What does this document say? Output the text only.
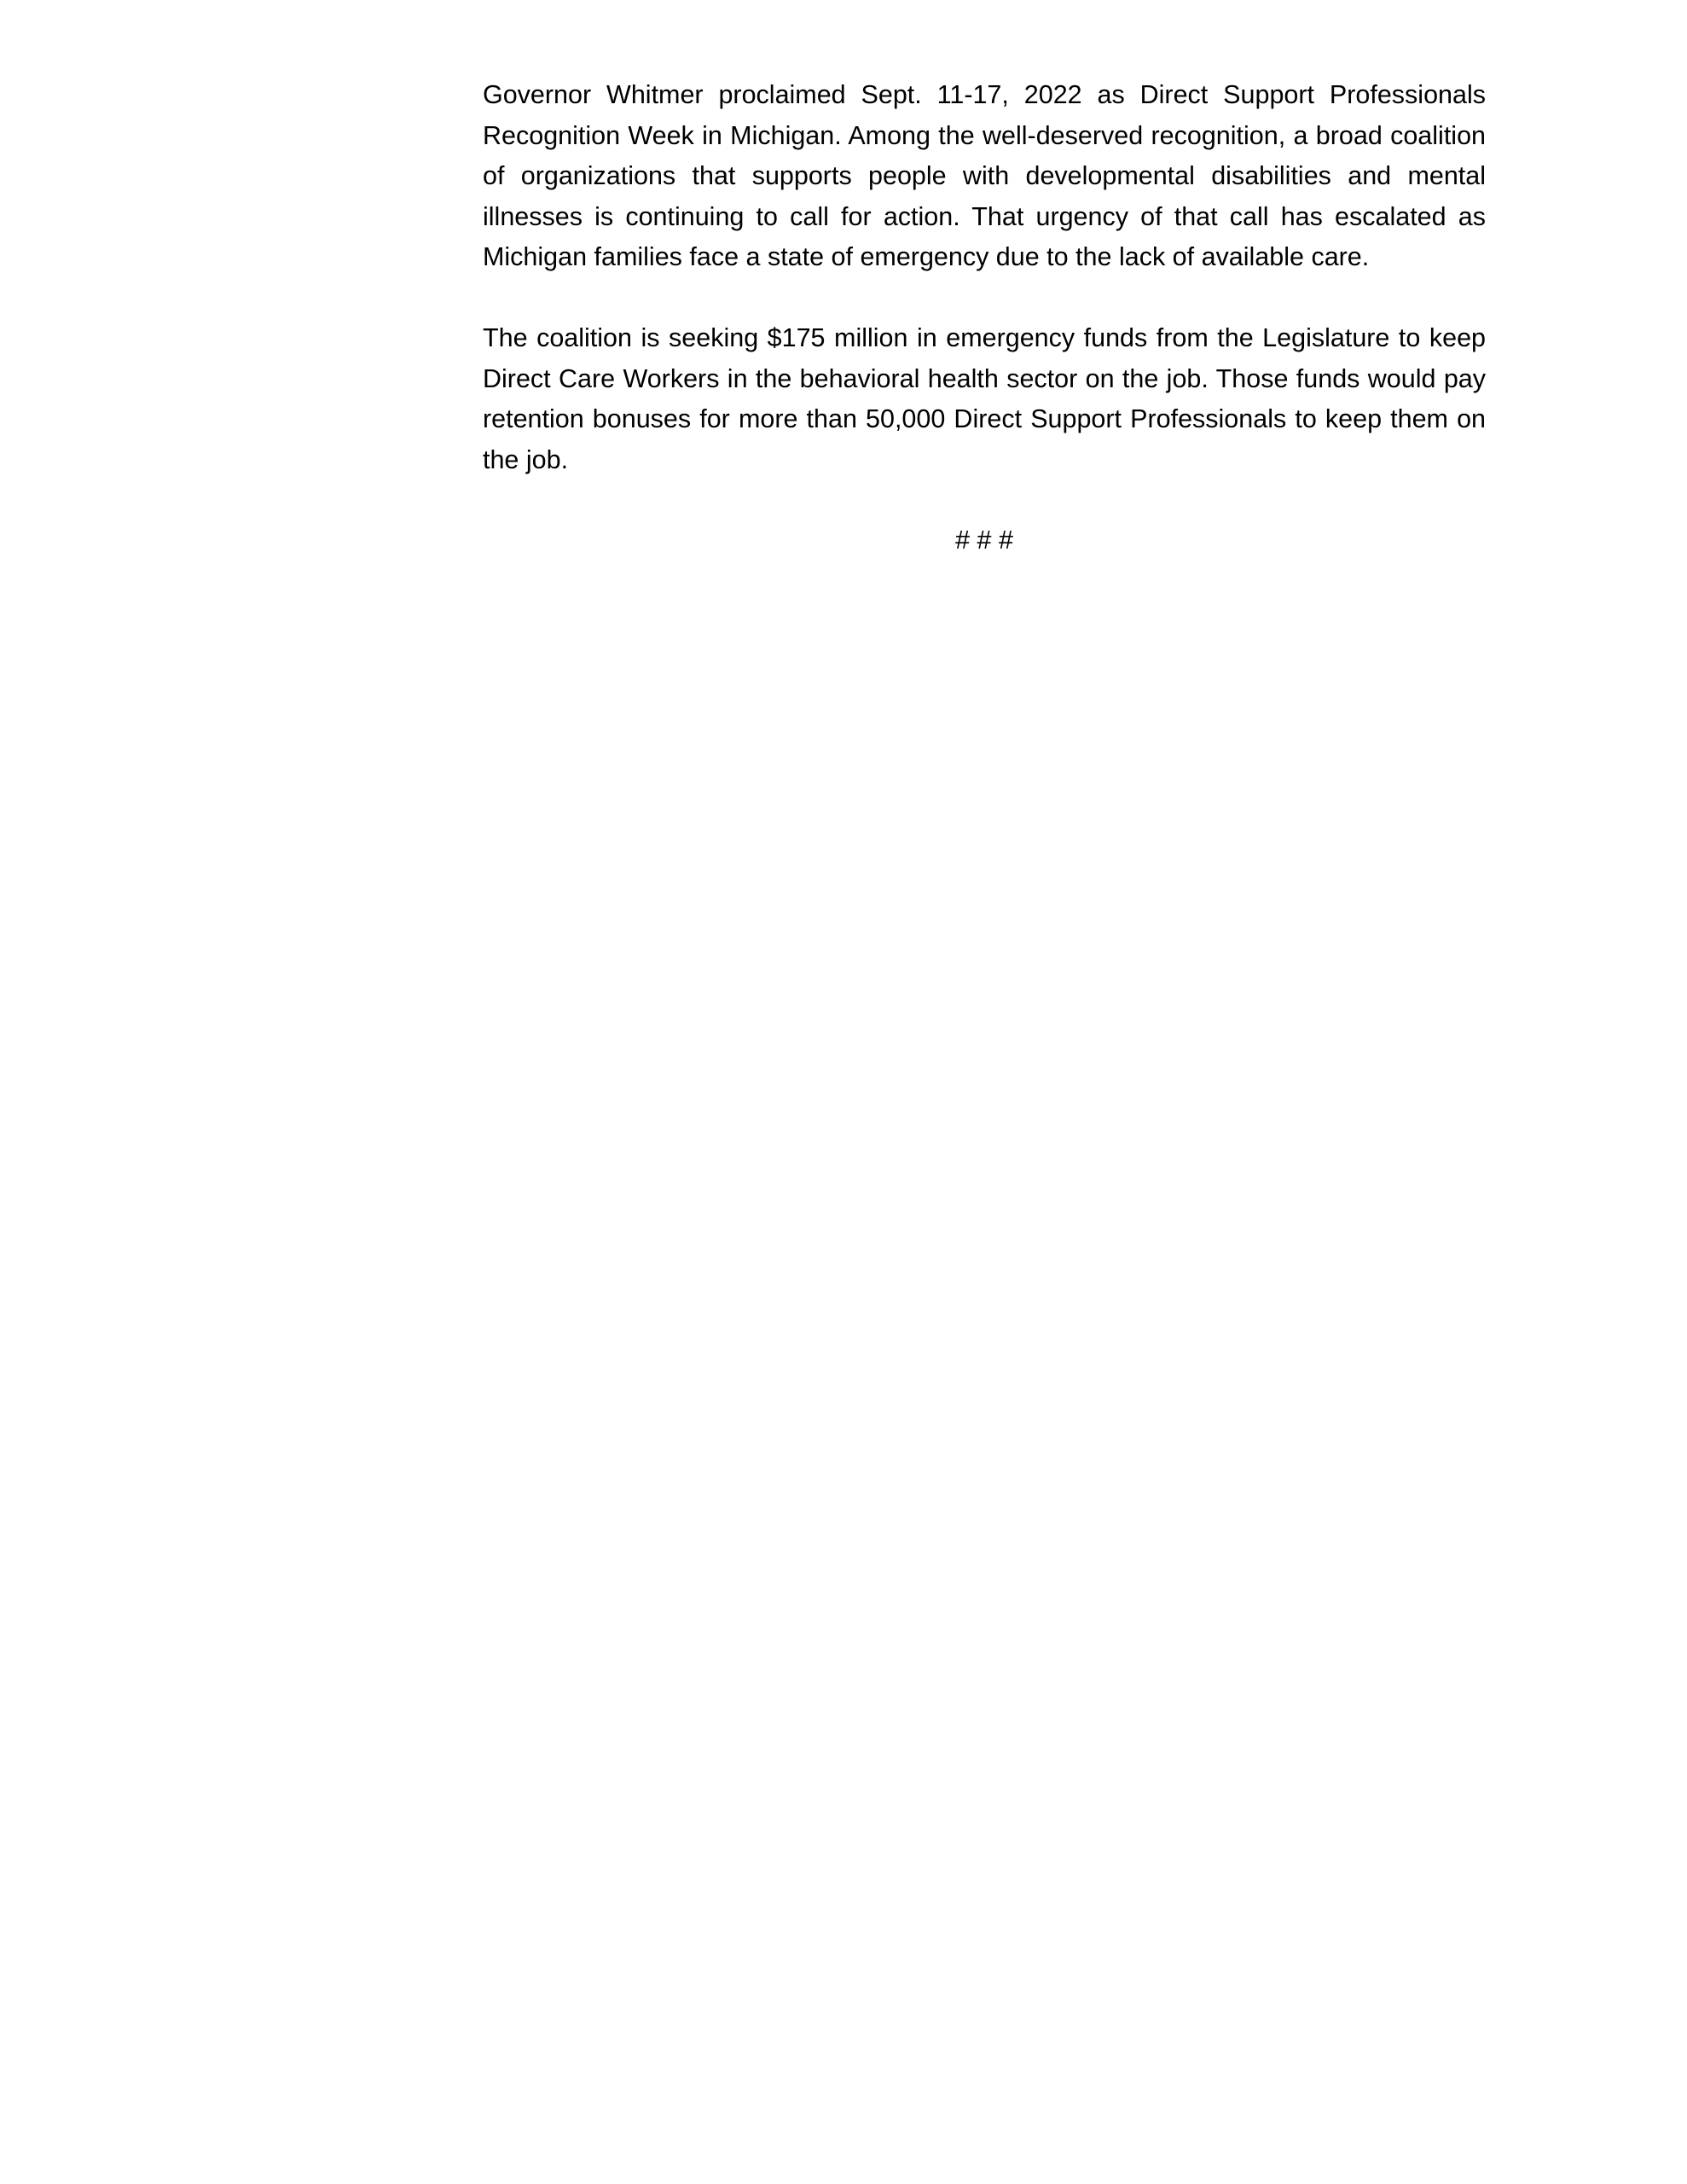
Governor Whitmer proclaimed Sept. 11-17, 2022 as Direct Support Professionals Recognition Week in Michigan. Among the well-deserved recognition, a broad coalition of organizations that supports people with developmental disabilities and mental illnesses is continuing to call for action. That urgency of that call has escalated as Michigan families face a state of emergency due to the lack of available care.

The coalition is seeking $175 million in emergency funds from the Legislature to keep Direct Care Workers in the behavioral health sector on the job. Those funds would pay retention bonuses for more than 50,000 Direct Support Professionals to keep them on the job.

# # #
